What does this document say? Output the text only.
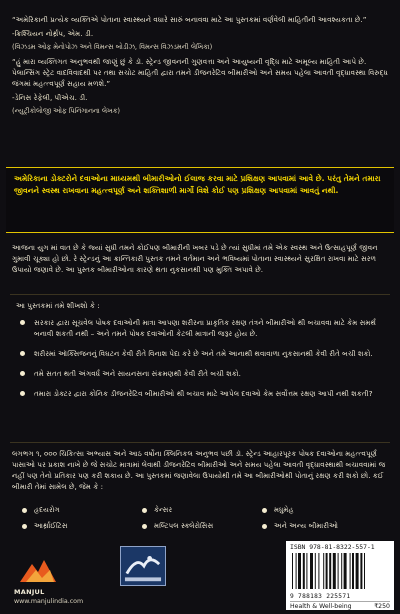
“અમેરિકાની પ્રત્યેક વ્યક્તિએ પોતાના સ્વાસ્થ્યને વધારે સારું બનાવવા માટે આ પુસ્તકમાં વર્ણવેલી માહિતીની આવશ્યકતા છે.”

-ક્રિશ્ચિયન નોર્થ્રપ, એમ. ડી.

(વિઝડમ ઓફ મેનોપોઝ અને વિમન્સ બોડીઝ, વિમન્સ વિઝડમની લેખિકા)

“હું મારા વ્યક્તિગત અનુભવથી જાણું છું કે ડૉ. સ્ટ્રેન્ડ જીવનની ગુણવત્તા અને આયુષ્યની વૃદ્ધિ માટે અમૂલ્ય માહિતી આપે છે. પેલાન્સિંગ સ્ટ્રેટ વાદવિવાદથી પર તથા સચોટ માહિતી દ્વારા તમને ડીજનરેટિવ બીમારીઓ અને સમય પહેલા આવતી વૃદ્ધાવસ્થા વિરુદ્ધ જંગમાં મહત્ત્વપૂર્ણ સહાય મળશે.”

-ડેનિસ રેફેલી, પીએચ. ડી.

(ન્યુટ્રીકોલોજી ઓફ પિનિંગાનના લેખક)

અમેરિકાના ડોક્ટરોને દવાઓના માધ્યમથી બીમારીઓનો ઈલાજ કરવા માટે પ્રશિક્ષણ આપવામાં આવે છે. પરંતુ તેમને તમારા જીવનને સ્વસ્થ રાખવાના મહત્ત્વપૂર્ણ અને શક્તિશાળી માર્ગો વિશે કોઈ પણ પ્રશિક્ષણ આપવામાં આવતું નથી.
આજના યુગ માં વાત છે કે જ્યાં સુધી તમને કોઈપણ બીમારીની ખબર પડે છે ત્યાં સુધીમાં તમે એક સ્વસ્થ અને ઉત્સાહપૂર્ણ જીવન ગુમાવી ચૂક્યા હો છો. રે સ્ટ્રેન્ડનું આ ક્રાન્તિકારી પુસ્તક તમને વર્તમાન અને ભવિષ્યમાં પોતાના સ્વાસ્થ્યને સુરક્ષિત રાખવા માટે સરળ ઉપાયો જણાવે છે. આ પુસ્તક બીમારીઓના કારણે થતા નુકસાનથી પણ મુક્તિ અપાવે છે.
આ પુસ્તકમાં તમે શીખશો કે :
સરકાર દ્વારા સૂચવેલ પોષક દવાઓની માત્રા આપણા શરીરના પ્રાકૃતિક રક્ષણ તંત્રને બીમારીઓ થી બચાવવા માટે કેમ સમર્થ બનાવી શકતી નથી – અને તમને પોષક દવાઓની કેટલી માત્રાની જરૂર હોય છે.
શરીરમાં ઑક્સિજનનું વિઘટન કેવી રીતે વિનાશ પેદા કરે છે અને તમે આનાથી થવાવાળા નુકસાનથી કેવી રીતે બચી શકો.
તમે સતત થતી અંગવર્ધ અને સાયનસના સંક્રમણથી કેવી રીતે બચી શકો.
તમારા ડોક્ટર દ્વારા કોનિક ડીજનરેટિવ બીમારીઓ થી બચાવ માટે આપેલ દવાઓ કેમ સર્વોત્તમ રક્ષણ આપી નથી શકતી?
લગભગ ૧, ૦૦૦ ચિકિત્સા અભ્યાસ અને આઠ વર્ષોના ક્લિનિકલ અનુભવ પછી ડૉ. સ્ટ્રેન્ડ આહારપૂરક પોષક દવાઓના મહત્ત્વપૂર્ણ પાસાઓ પર પ્રકાશ નાખે છે જે સચોટ માત્રામાં લેવાથી ડીજનરેટિવ બીમારીઓ અને સમય પહેલા આવતી વૃદ્ધાવસ્થાથી બચાવવામાં જ નહીં પણ તેનો પ્રતિકાર પણ કરી શકાય છે. આ પુસ્તકમાં જણાવેલા ઉપાયોથી તમે આ બીમારીઓથી પોતાનું રક્ષણ કરી શકો છો. કઈ બીમારી તેમાં સામેલ છે, જેમ કે :
હૃદયરોગ	કેન્સર	મધુમેહ
આર્થ્રાઈટિસ	મલ્ટિપલ સ્ક્લેરોસિસ	અને અન્ય બીમારીઓ
MANJUL
www.manjulindia.com
ISBN 978-81-8322-557-1
9 788183 225571
Health & Well-being	₹250
